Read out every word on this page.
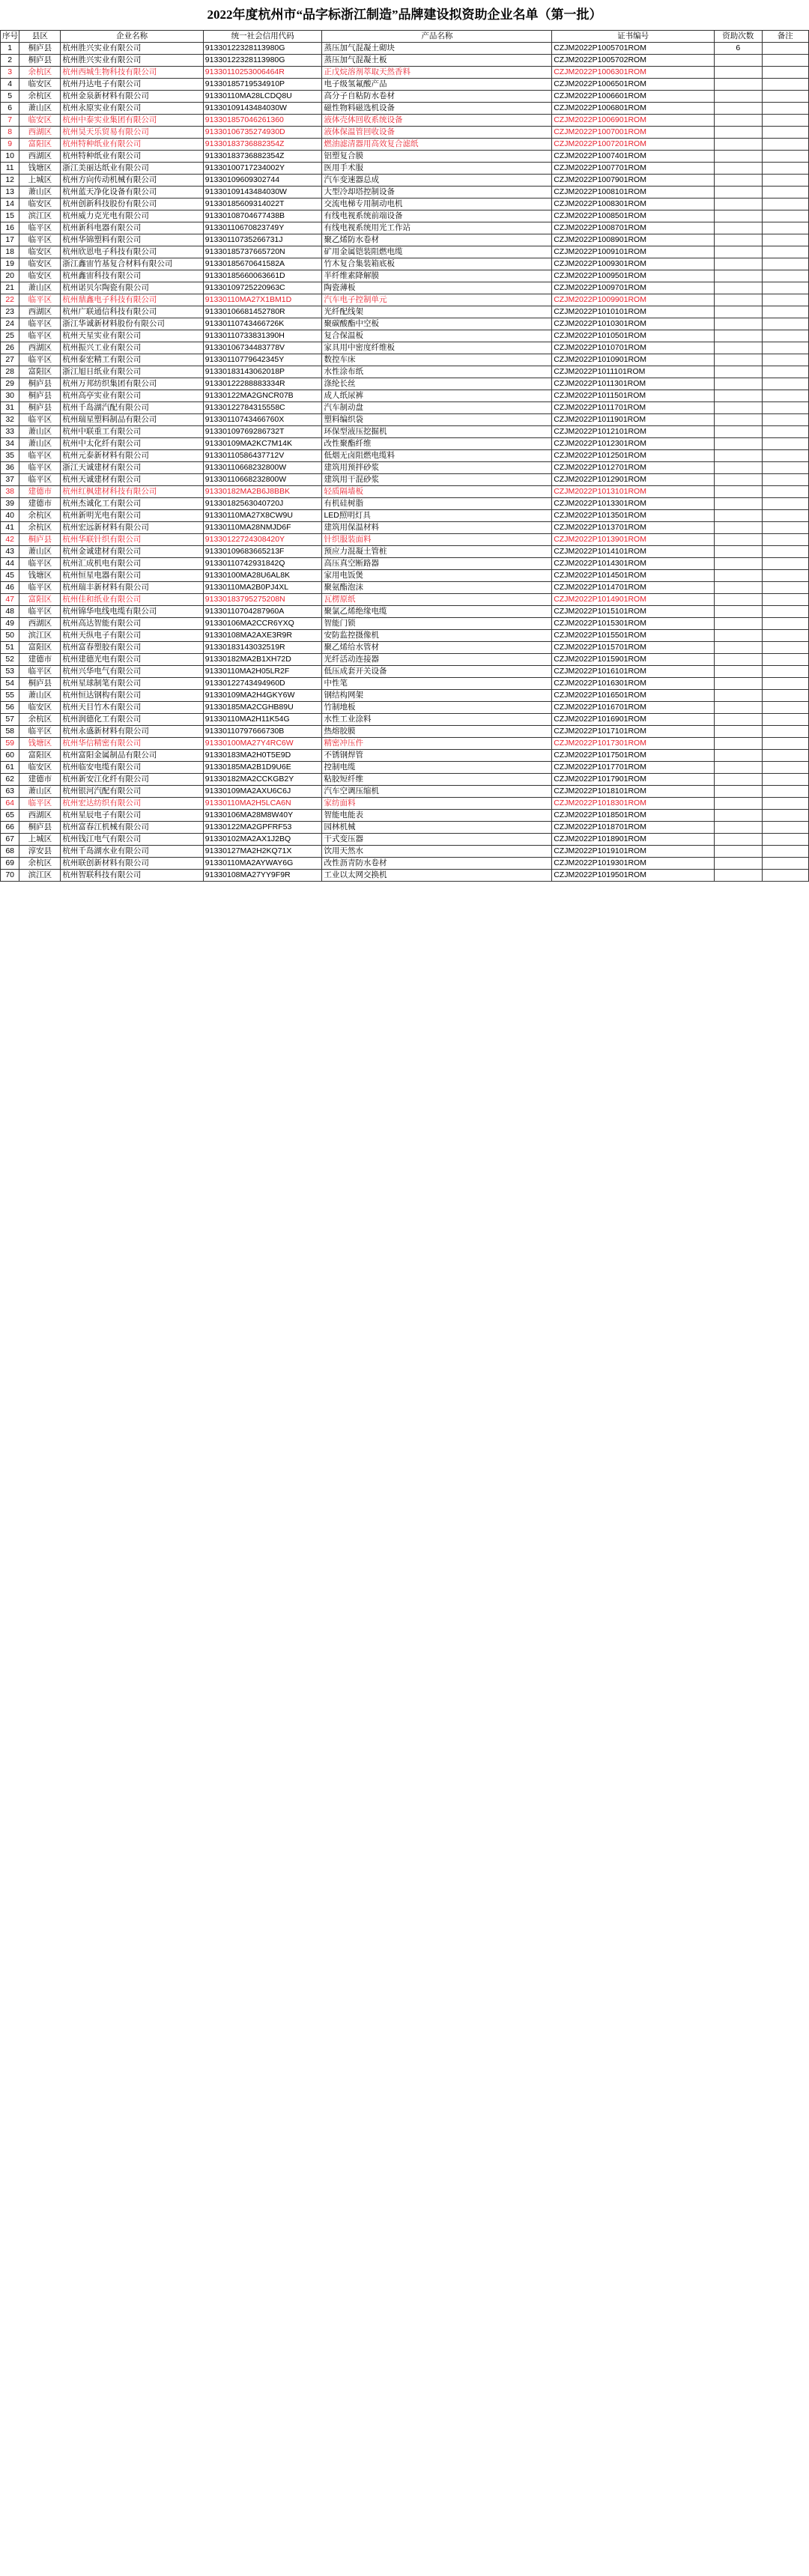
2022年度杭州市“品字标浙江制造”品牌建设拟资助企业名单（第一批）
序号	县区	企业名称	统一社会信用代码	产品名称	证书编号	资助次数	备注
1	桐庐县	杭州胜兴实业有限公司	91330122328113980G	蒸压加气混凝土砌块	CZJM2022P1005701ROM	6	
2	桐庐县	杭州胜兴实业有限公司	91330122328113980G	蒸压加气混凝土板	CZJM2022P1005702ROM		
3	余杭区	杭州西城生物科技有限公司	91330110253006464R	正戊烷溶剂萃取天然香料	CZJM2022P1006301ROM		
4	临安区	杭州丹达电子有限公司	91330185719534910P	电子级氢氟酸产品	CZJM2022P1006501ROM		
5	余杭区	杭州金泉新材料有限公司	91330110MA28LCDQ8U	高分子自粘防水卷材	CZJM2022P1006601ROM		
6	萧山区	杭州永原实业有限公司	91330109143484030W	磁性物料磁选机设备	CZJM2022P1006801ROM		
7	临安区	杭州中泰实业集团有限公司	913301857046261360	液体壳体回收系统设备	CZJM2022P1006901ROM		
8	西湖区	杭州昊天乐贸易有限公司	91330106735274930D	液体保温管回收设备	CZJM2022P1007001ROM		
9	富阳区	杭州特种纸业有限公司	91330183736882354Z	燃油滤清器用高效复合滤纸	CZJM2022P1007201ROM		
10	西湖区	杭州特种纸业有限公司	91330183736882354Z	铝塑复合膜	CZJM2022P1007401ROM		
11	钱塘区	浙江美丽达纸业有限公司	91330100717234002Y	医用手术服	CZJM2022P1007701ROM		
12	上城区	杭州方向传动机械有限公司	91330109609302744	汽车变速器总成	CZJM2022P1007901ROM		
13	萧山区	杭州蓝天净化设备有限公司	91330109143484030W	大型冷却塔控制设备	CZJM2022P1008101ROM		
14	临安区	杭州创新科技股份有限公司	91330185609314022T	交流电梯专用制动电机	CZJM2022P1008301ROM		
15	滨江区	杭州威力克光电有限公司	91330108704677438B	有线电视系统前端设备	CZJM2022P1008501ROM		
16	临平区	杭州新科电器有限公司	91330110670823749Y	有线电视系统用光工作站	CZJM2022P1008701ROM		
17	临平区	杭州华锦塑料有限公司	91330110735266731J	聚乙烯防水卷材	CZJM2022P1008901ROM		
18	临安区	杭州欣恩电子科技有限公司	91330185737665720N	矿用金属铠装阻燃电缆	CZJM2022P1009101ROM		
19	临安区	浙江鑫宙竹基复合材料有限公司	91330185670641582A	竹木复合集装箱底板	CZJM2022P1009301ROM		
20	临安区	杭州鑫宙科技有限公司	91330185660063661D	半纤维素降解膜	CZJM2022P1009501ROM		
21	萧山区	杭州诺贝尔陶瓷有限公司	91330109725220963C	陶瓷薄板	CZJM2022P1009701ROM		
22	临平区	杭州鼎鑫电子科技有限公司	91330110MA27X1BM1D	汽车电子控制单元	CZJM2022P1009901ROM		
23	西湖区	杭州广联通信科技有限公司	91330106681452780R	光纤配线架	CZJM2022P1010101ROM		
24	临平区	浙江华诚新材料股份有限公司	91330110743466726K	聚碳酸酯中空板	CZJM2022P1010301ROM		
25	临平区	杭州天星实业有限公司	91330110733831390H	复合保温板	CZJM2022P1010501ROM		
26	西湖区	杭州振兴工业有限公司	91330106734483778V	家具用中密度纤维板	CZJM2022P1010701ROM		
27	临平区	杭州泰宏精工有限公司	91330110779642345Y	数控车床	CZJM2022P1010901ROM		
28	富阳区	浙江旭日纸业有限公司	91330183143062018P	水性涂布纸	CZJM2022P1011101ROM		
29	桐庐县	杭州万邦纺织集团有限公司	91330122288883334R	涤纶长丝	CZJM2022P1011301ROM		
30	桐庐县	杭州高亭实业有限公司	91330122MA2GNCR07B	成人纸尿裤	CZJM2022P1011501ROM		
31	桐庐县	杭州千岛湖汽配有限公司	91330122784315558C	汽车制动盘	CZJM2022P1011701ROM		
32	临平区	杭州瑞星塑料制品有限公司	91330110743466760X	塑料编织袋	CZJM2022P1011901ROM		
33	萧山区	杭州中联重工有限公司	91330109769286732T	环保型液压挖掘机	CZJM2022P1012101ROM		
34	萧山区	杭州中太化纤有限公司	91330109MA2KC7M14K	改性聚酯纤维	CZJM2022P1012301ROM		
35	临平区	杭州元泰新材料有限公司	91330110586437712V	低烟无卤阻燃电缆料	CZJM2022P1012501ROM		
36	临平区	浙江天诚建材有限公司	91330110668232800W	建筑用预拌砂浆	CZJM2022P1012701ROM		
37	临平区	杭州天诚建材有限公司	91330110668232800W	建筑用干混砂浆	CZJM2022P1012901ROM		
38	建德市	杭州红枫建材科技有限公司	91330182MA2B6J8BBK	轻质隔墙板	CZJM2022P1013101ROM		
39	建德市	杭州杰诚化工有限公司	91330182563040720J	有机硅树脂	CZJM2022P1013301ROM		
40	余杭区	杭州新明光电有限公司	91330110MA27X8CW9U	LED照明灯具	CZJM2022P1013501ROM		
41	余杭区	杭州宏远新材料有限公司	91330110MA28NMJD6F	建筑用保温材料	CZJM2022P1013701ROM		
42	桐庐县	杭州华联针织有限公司	91330122724308420Y	针织服装面料	CZJM2022P1013901ROM		
43	萧山区	杭州金诚建材有限公司	91330109683665213F	预应力混凝土管桩	CZJM2022P1014101ROM		
44	临平区	杭州汇成机电有限公司	91330110742931842Q	高压真空断路器	CZJM2022P1014301ROM		
45	钱塘区	杭州恒星电器有限公司	91330100MA28U6AL8K	家用电饭煲	CZJM2022P1014501ROM		
46	临平区	杭州瑞丰新材料有限公司	91330110MA2B0PJ4XL	聚氨酯泡沫	CZJM2022P1014701ROM		
47	富阳区	杭州佳和纸业有限公司	91330183795275208N	瓦楞原纸	CZJM2022P1014901ROM		
48	临平区	杭州锦华电线电缆有限公司	91330110704287960A	聚氯乙烯绝缘电缆	CZJM2022P1015101ROM		
49	西湖区	杭州高达智能有限公司	91330106MA2CCR6YXQ	智能门锁	CZJM2022P1015301ROM		
50	滨江区	杭州天纵电子有限公司	91330108MA2AXE3R9R	安防监控摄像机	CZJM2022P1015501ROM		
51	富阳区	杭州富春塑胶有限公司	91330183143032519R	聚乙烯给水管材	CZJM2022P1015701ROM		
52	建德市	杭州建德光电有限公司	91330182MA2B1XH72D	光纤活动连接器	CZJM2022P1015901ROM		
53	临平区	杭州兴华电气有限公司	91330110MA2H05LR2F	低压成套开关设备	CZJM2022P1016101ROM		
54	桐庐县	杭州星球制笔有限公司	91330122743494960D	中性笔	CZJM2022P1016301ROM		
55	萧山区	杭州恒达钢构有限公司	91330109MA2H4GKY6W	钢结构网架	CZJM2022P1016501ROM		
56	临安区	杭州天目竹木有限公司	91330185MA2CGHB89U	竹制地板	CZJM2022P1016701ROM		
57	余杭区	杭州润德化工有限公司	91330110MA2H11K54G	水性工业涂料	CZJM2022P1016901ROM		
58	临平区	杭州永盛新材料有限公司	91330110797666730B	热熔胶膜	CZJM2022P1017101ROM		
59	钱塘区	杭州华信精密有限公司	91330100MA27Y4RC6W	精密冲压件	CZJM2022P1017301ROM		
60	富阳区	杭州富阳金属制品有限公司	91330183MA2H0T5E9D	不锈钢焊管	CZJM2022P1017501ROM		
61	临安区	杭州临安电缆有限公司	91330185MA2B1D9U6E	控制电缆	CZJM2022P1017701ROM		
62	建德市	杭州新安江化纤有限公司	91330182MA2CCKGB2Y	粘胶短纤维	CZJM2022P1017901ROM		
63	萧山区	杭州银河汽配有限公司	91330109MA2AXU6C6J	汽车空调压缩机	CZJM2022P1018101ROM		
64	临平区	杭州宏达纺织有限公司	91330110MA2H5LCA6N	家纺面料	CZJM2022P1018301ROM		
65	西湖区	杭州星辰电子有限公司	91330106MA28M8W40Y	智能电能表	CZJM2022P1018501ROM		
66	桐庐县	杭州富春江机械有限公司	91330122MA2GPFRF53	园林机械	CZJM2022P1018701ROM		
67	上城区	杭州钱江电气有限公司	91330102MA2AX1J2BQ	干式变压器	CZJM2022P1018901ROM		
68	淳安县	杭州千岛湖水业有限公司	91330127MA2H2KQ71X	饮用天然水	CZJM2022P1019101ROM		
69	余杭区	杭州联创新材料有限公司	91330110MA2AYWAY6G	改性沥青防水卷材	CZJM2022P1019301ROM		
70	滨江区	杭州智联科技有限公司	91330108MA27YY9F9R	工业以太网交换机	CZJM2022P1019501ROM		
